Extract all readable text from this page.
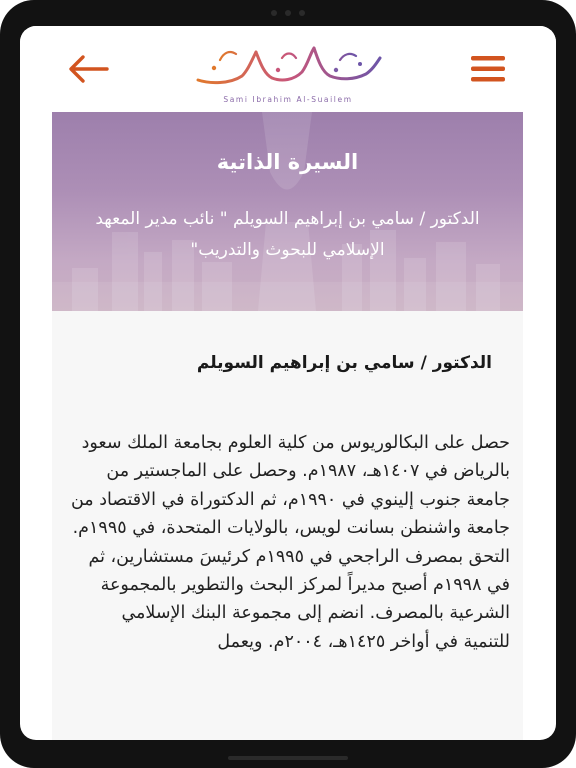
Sami Ibrahim Al-Suailem
السيرة الذاتية
الدكتور / سامي بن إبراهيم السويلم " نائب مدير المعهد الإسلامي للبحوث والتدريب"
الدكتور / سامي بن إبراهيم السويلم
حصل على البكالوريوس من كلية العلوم بجامعة الملك سعود بالرياض في ١٤٠٧هـ، ١٩٨٧م. وحصل على الماجستير من جامعة جنوب إلينوي في ١٩٩٠م، ثم الدكتوراة في الاقتصاد من جامعة واشنطن بسانت لويس، بالولايات المتحدة، في ١٩٩٥م. التحق بمصرف الراجحي في ١٩٩٥م كرئيسَ مستشارين، ثم في ١٩٩٨م أصبح مديراً لمركز البحث والتطوير بالمجموعة الشرعية بالمصرف. انضم إلى مجموعة البنك الإسلامي للتنمية في أواخر ١٤٢٥هـ، ٢٠٠٤م. ويعمل
